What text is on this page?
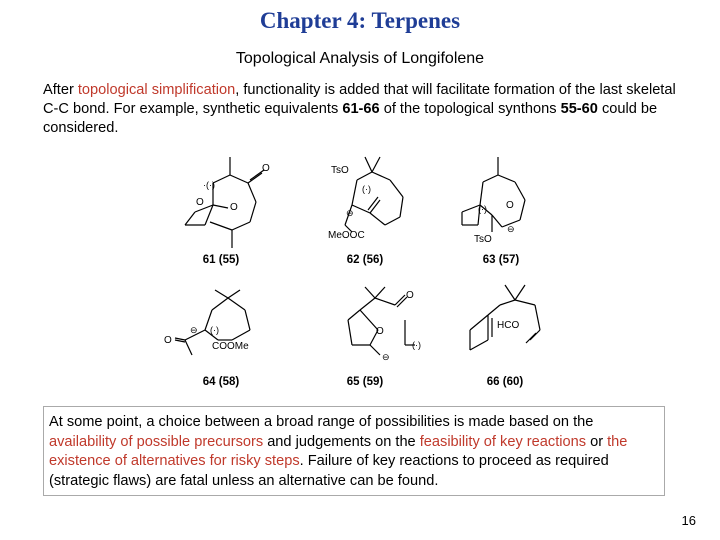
Chapter 4: Terpenes
Topological Analysis of Longifolene
After topological simplification, functionality is added that will facilitate formation of the last skeletal C-C bond. For example, synthetic equivalents 61-66 of the topological synthons 55-60 could be considered.
O
O
O
·(·)
TsO
MeOOC
⊖
(·)
O
TsO
⊖
(·)
O
COOMe
⊖ (·)
O
O
⊖
(·)
HCO
61 (55)	62 (56)	63 (57)
64 (58)	65 (59)	66 (60)

At some point, a choice between a broad range of possibilities is made based on the availability of possible precursors and judgements on the feasibility of key reactions or the existence of alternatives for risky steps. Failure of key reactions to proceed as required (strategic flaws) are fatal unless an alternative can be found.

16
